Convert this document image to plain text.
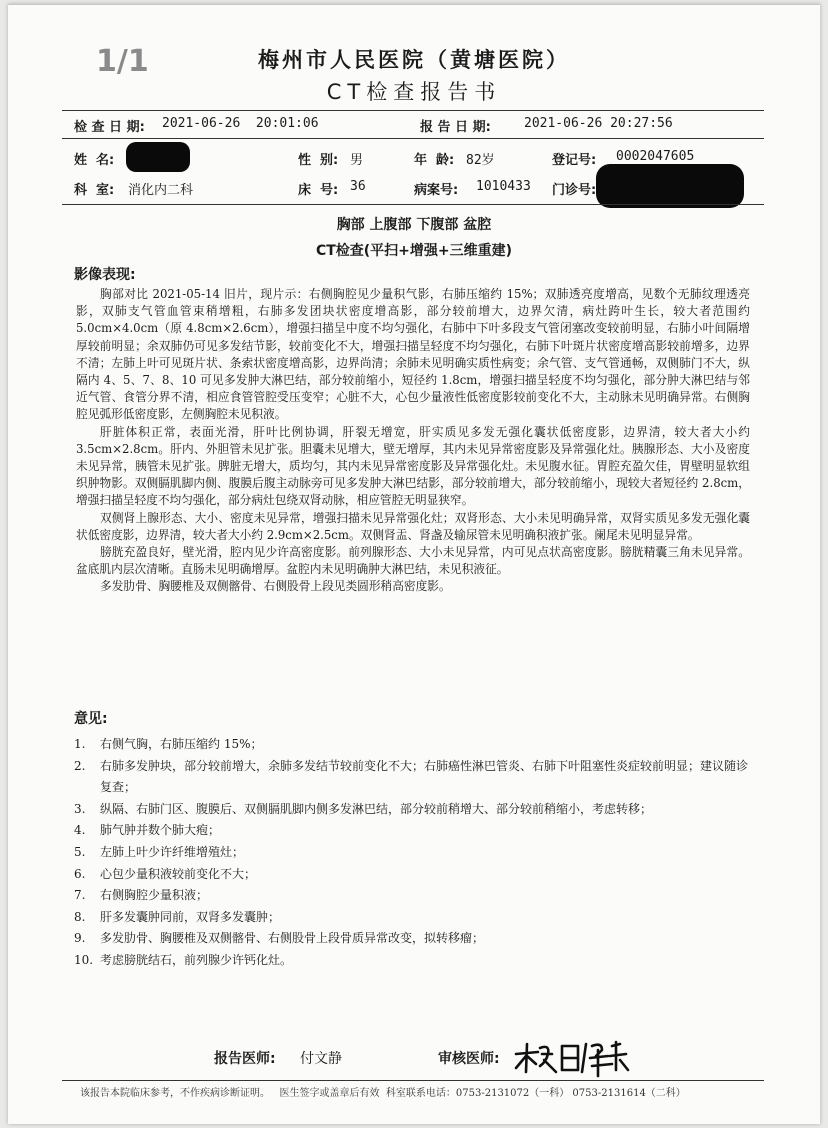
1/1	梅州市人民医院（黄塘医院）
CT检查报告书
检 查 日 期: 2021-06-26  20:01:06	报 告 日 期:	2021-06-26 20:27:56
姓  名:	性  别: 男	年  龄: 82岁	登记号: 0002047605
科  室: 消化内二科	床  号: 36	病案号: 1010433 门诊号:
胸部 上腹部 下腹部 盆腔
CT检查(平扫+增强+三维重建)
影像表现:

胸部对比 2021-05-14 旧片，现片示：右侧胸腔见少量积气影，右肺压缩约 15%；双肺透亮度增高，见数个无肺纹理透亮影，双肺支气管血管束稍增粗，右肺多发团块状密度增高影，部分较前增大，边界欠清，病灶跨叶生长，较大者范围约 5.0cm×4.0cm（原 4.8cm×2.6cm），增强扫描呈中度不均匀强化，右肺中下叶多段支气管闭塞改变较前明显，右肺小叶间隔增厚较前明显；余双肺仍可见多发结节影，较前变化不大，增强扫描呈轻度不均匀强化，右肺下叶斑片状密度增高影较前增多，边界不清；左肺上叶可见斑片状、条索状密度增高影，边界尚清；余肺未见明确实质性病变；余气管、支气管通畅，双侧肺门不大，纵隔内 4、5、7、8、10 可见多发肿大淋巴结，部分较前缩小，短径约 1.8cm，增强扫描呈轻度不均匀强化，部分肿大淋巴结与邻近气管、食管分界不清，相应食管管腔受压变窄；心脏不大，心包少量液性低密度影较前变化不大，主动脉未见明确异常。右侧胸腔见弧形低密度影，左侧胸腔未见积液。

肝脏体积正常，表面光滑，肝叶比例协调，肝裂无增宽，肝实质见多发无强化囊状低密度影，边界清，较大者大小约 3.5cm×2.8cm。肝内、外胆管未见扩张。胆囊未见增大，壁无增厚，其内未见异常密度影及异常强化灶。胰腺形态、大小及密度未见异常，胰管未见扩张。脾脏无增大，质均匀，其内未见异常密度影及异常强化灶。未见腹水征。胃腔充盈欠佳，胃壁明显软组织肿物影。双侧膈肌脚内侧、腹膜后腹主动脉旁可见多发肿大淋巴结影，部分较前增大，部分较前缩小，现较大者短径约 2.8cm，增强扫描呈轻度不均匀强化，部分病灶包绕双肾动脉，相应管腔无明显狭窄。

双侧肾上腺形态、大小、密度未见异常，增强扫描未见异常强化灶；双肾形态、大小未见明确异常，双肾实质见多发无强化囊状低密度影，边界清，较大者大小约 2.9cm×2.5cm。双侧肾盂、肾盏及输尿管未见明确积液扩张。阑尾未见明显异常。

膀胱充盈良好，壁光滑，腔内见少许高密度影。前列腺形态、大小未见异常，内可见点状高密度影。膀胱精囊三角未见异常。盆底肌内层次清晰。直肠未见明确增厚。盆腔内未见明确肿大淋巴结，未见积液征。

多发肋骨、胸腰椎及双侧髂骨、右侧股骨上段见类圆形稍高密度影。

意见:
1.	右侧气胸，右肺压缩约 15%；
2.	右肺多发肿块，部分较前增大，余肺多发结节较前变化不大；右肺癌性淋巴管炎、右肺下叶阻塞性炎症较前明显；建议随诊复查；
3.	纵隔、右肺门区、腹膜后、双侧膈肌脚内侧多发淋巴结，部分较前稍增大、部分较前稍缩小，考虑转移；
4.	肺气肿并数个肺大疱；
5.	左肺上叶少许纤维增殖灶；
6.	心包少量积液较前变化不大；
7.	右侧胸腔少量积液；
8.	肝多发囊肿同前，双肾多发囊肿；
9.	多发肋骨、胸腰椎及双侧髂骨、右侧股骨上段骨质异常改变，拟转移瘤；
10. 考虑膀胱结石，前列腺少许钙化灶。
报告医师: 付文静	审核医师:
该报告本院临床参考，不作疾病诊断证明。   医生签字或盖章后有效  科室联系电话：0753-2131072（一科） 0753-2131614（二科）
